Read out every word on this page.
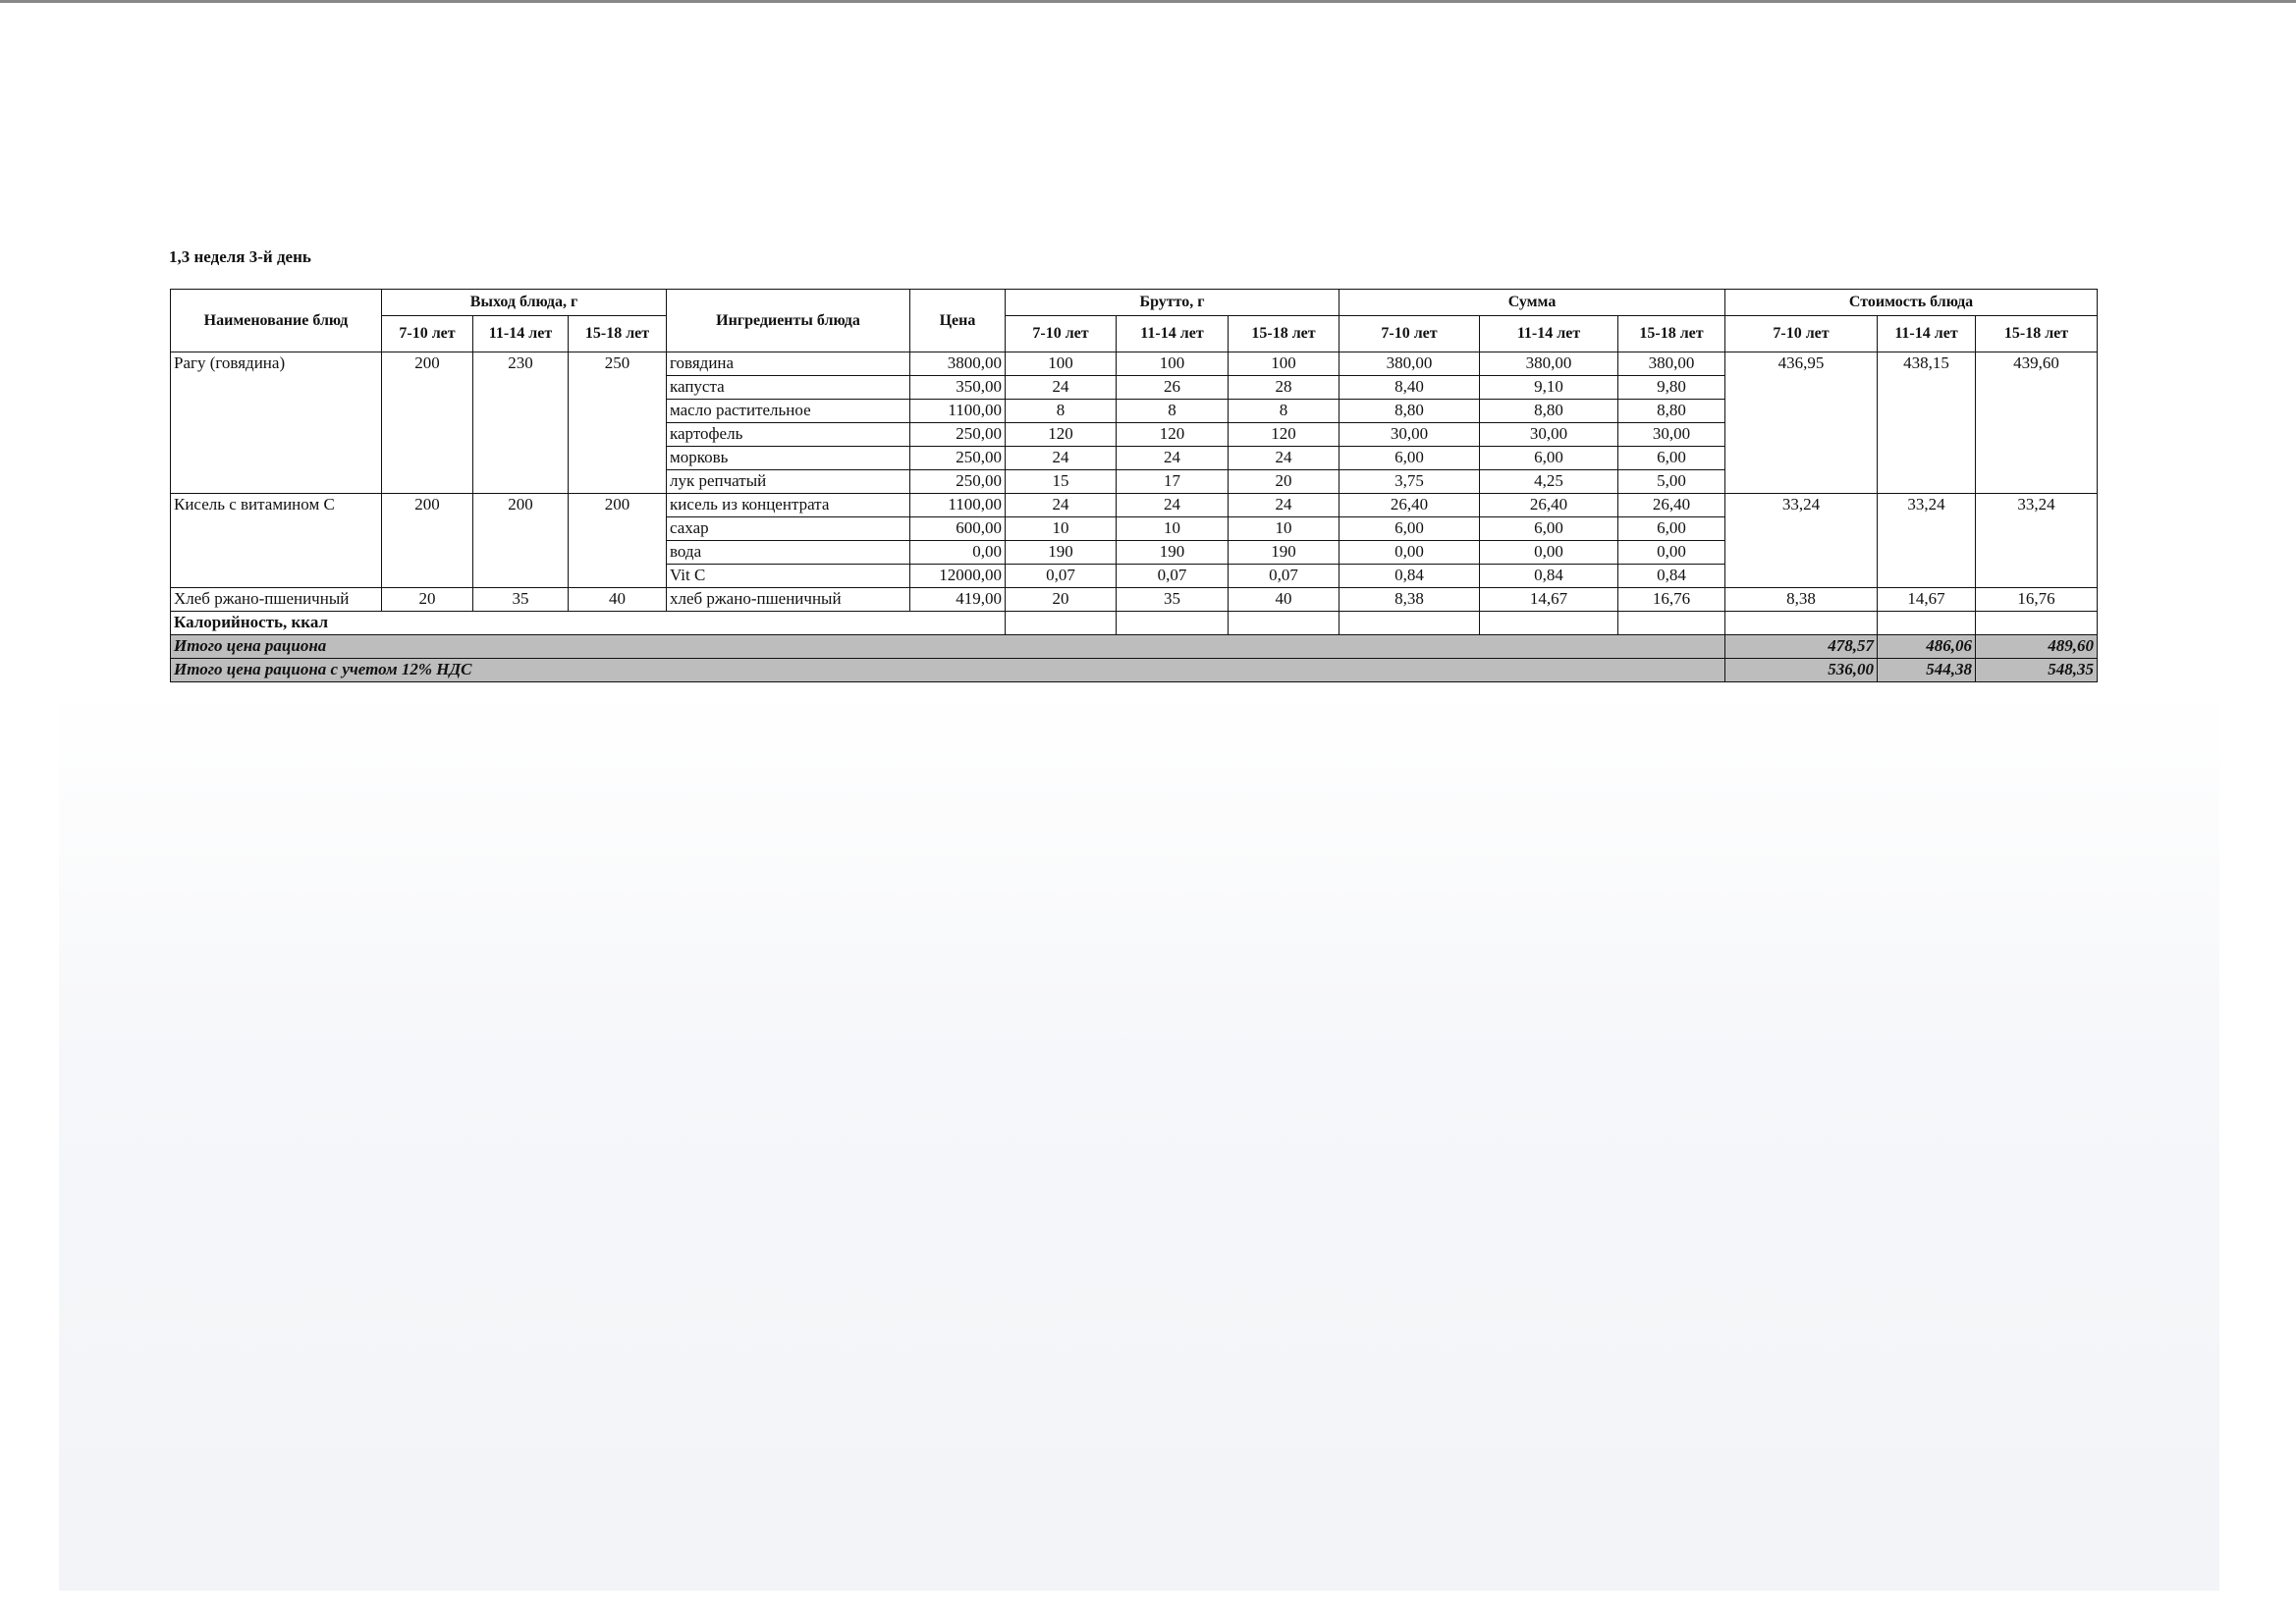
1,3 неделя 3-й день
Наименование блюд	Выход блюда, г			Ингредиенты блюда	Цена	Брутто, г			Сумма			Стоимость блюда		
	7-10 лет	11-14 лет	15-18 лет			7-10 лет	11-14 лет	15-18 лет	7-10 лет	11-14 лет	15-18 лет	7-10 лет	11-14 лет	15-18 лет
Рагу (говядина)	200	230	250	говядина	3800,00	100	100	100	380,00	380,00	380,00	436,95	438,15	439,60
				капуста	350,00	24	26	28	8,40	9,10	9,80			
				масло растительное	1100,00	8	8	8	8,80	8,80	8,80			
				картофель	250,00	120	120	120	30,00	30,00	30,00			
				морковь	250,00	24	24	24	6,00	6,00	6,00			
				лук репчатый	250,00	15	17	20	3,75	4,25	5,00			
Кисель с витамином С	200	200	200	кисель из концентрата	1100,00	24	24	24	26,40	26,40	26,40	33,24	33,24	33,24
				сахар	600,00	10	10	10	6,00	6,00	6,00			
				вода	0,00	190	190	190	0,00	0,00	0,00			
				Vit C	12000,00	0,07	0,07	0,07	0,84	0,84	0,84			
Хлеб ржано-пшеничный	20	35	40	хлеб ржано-пшеничный	419,00	20	35	40	8,38	14,67	16,76	8,38	14,67	16,76
Калорийность, ккал														
Итого цена рациона												478,57	486,06	489,60
Итого цена рациона с учетом 12% НДС												536,00	544,38	548,35
